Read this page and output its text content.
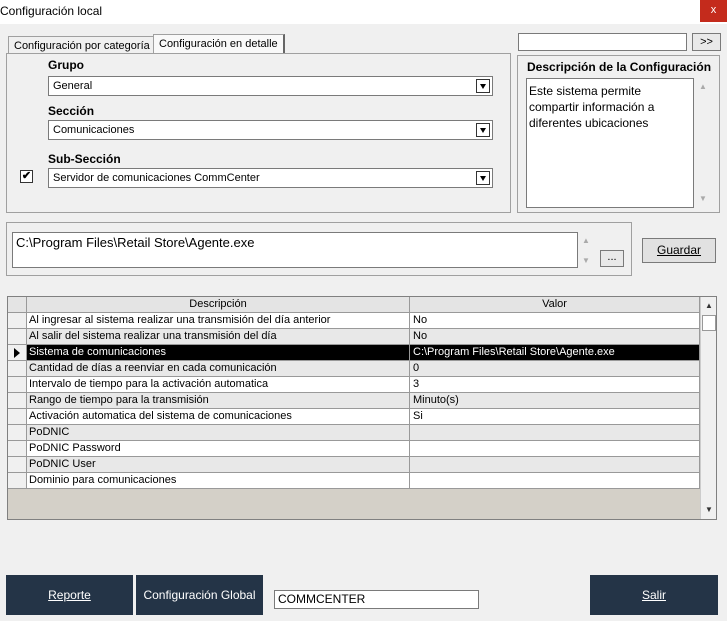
Configuración local	x
Configuración por categoría Configuración en detalle
Grupo
General
Sección
Comunicaciones
Sub-Sección
✔	Servidor de comunicaciones CommCenter
>>
Descripción de la Configuración
Este sistema permite compartir información a diferentes ubicaciones
▲
▼
C:\Program Files\Retail Store\Agente.exe	▲
▼	...	Guardar
Descripción	Valor
Al ingresar al sistema realizar una transmisión del día anterior	No
Al salir del sistema realizar una transmisión del día	No
Sistema de comunicaciones	C:\Program Files\Retail Store\Agente.exe
Cantidad de días a reenviar en cada comunicación	0
Intervalo de tiempo para la activación automatica	3
Rango de tiempo para la transmisión	Minuto(s)
Activación automatica del sistema de comunicaciones	Si
PoDNIC
PoDNIC Password
PoDNIC User
Dominio para comunicaciones
▲
▼
Reporte	Configuración Global	COMMCENTER	Salir
